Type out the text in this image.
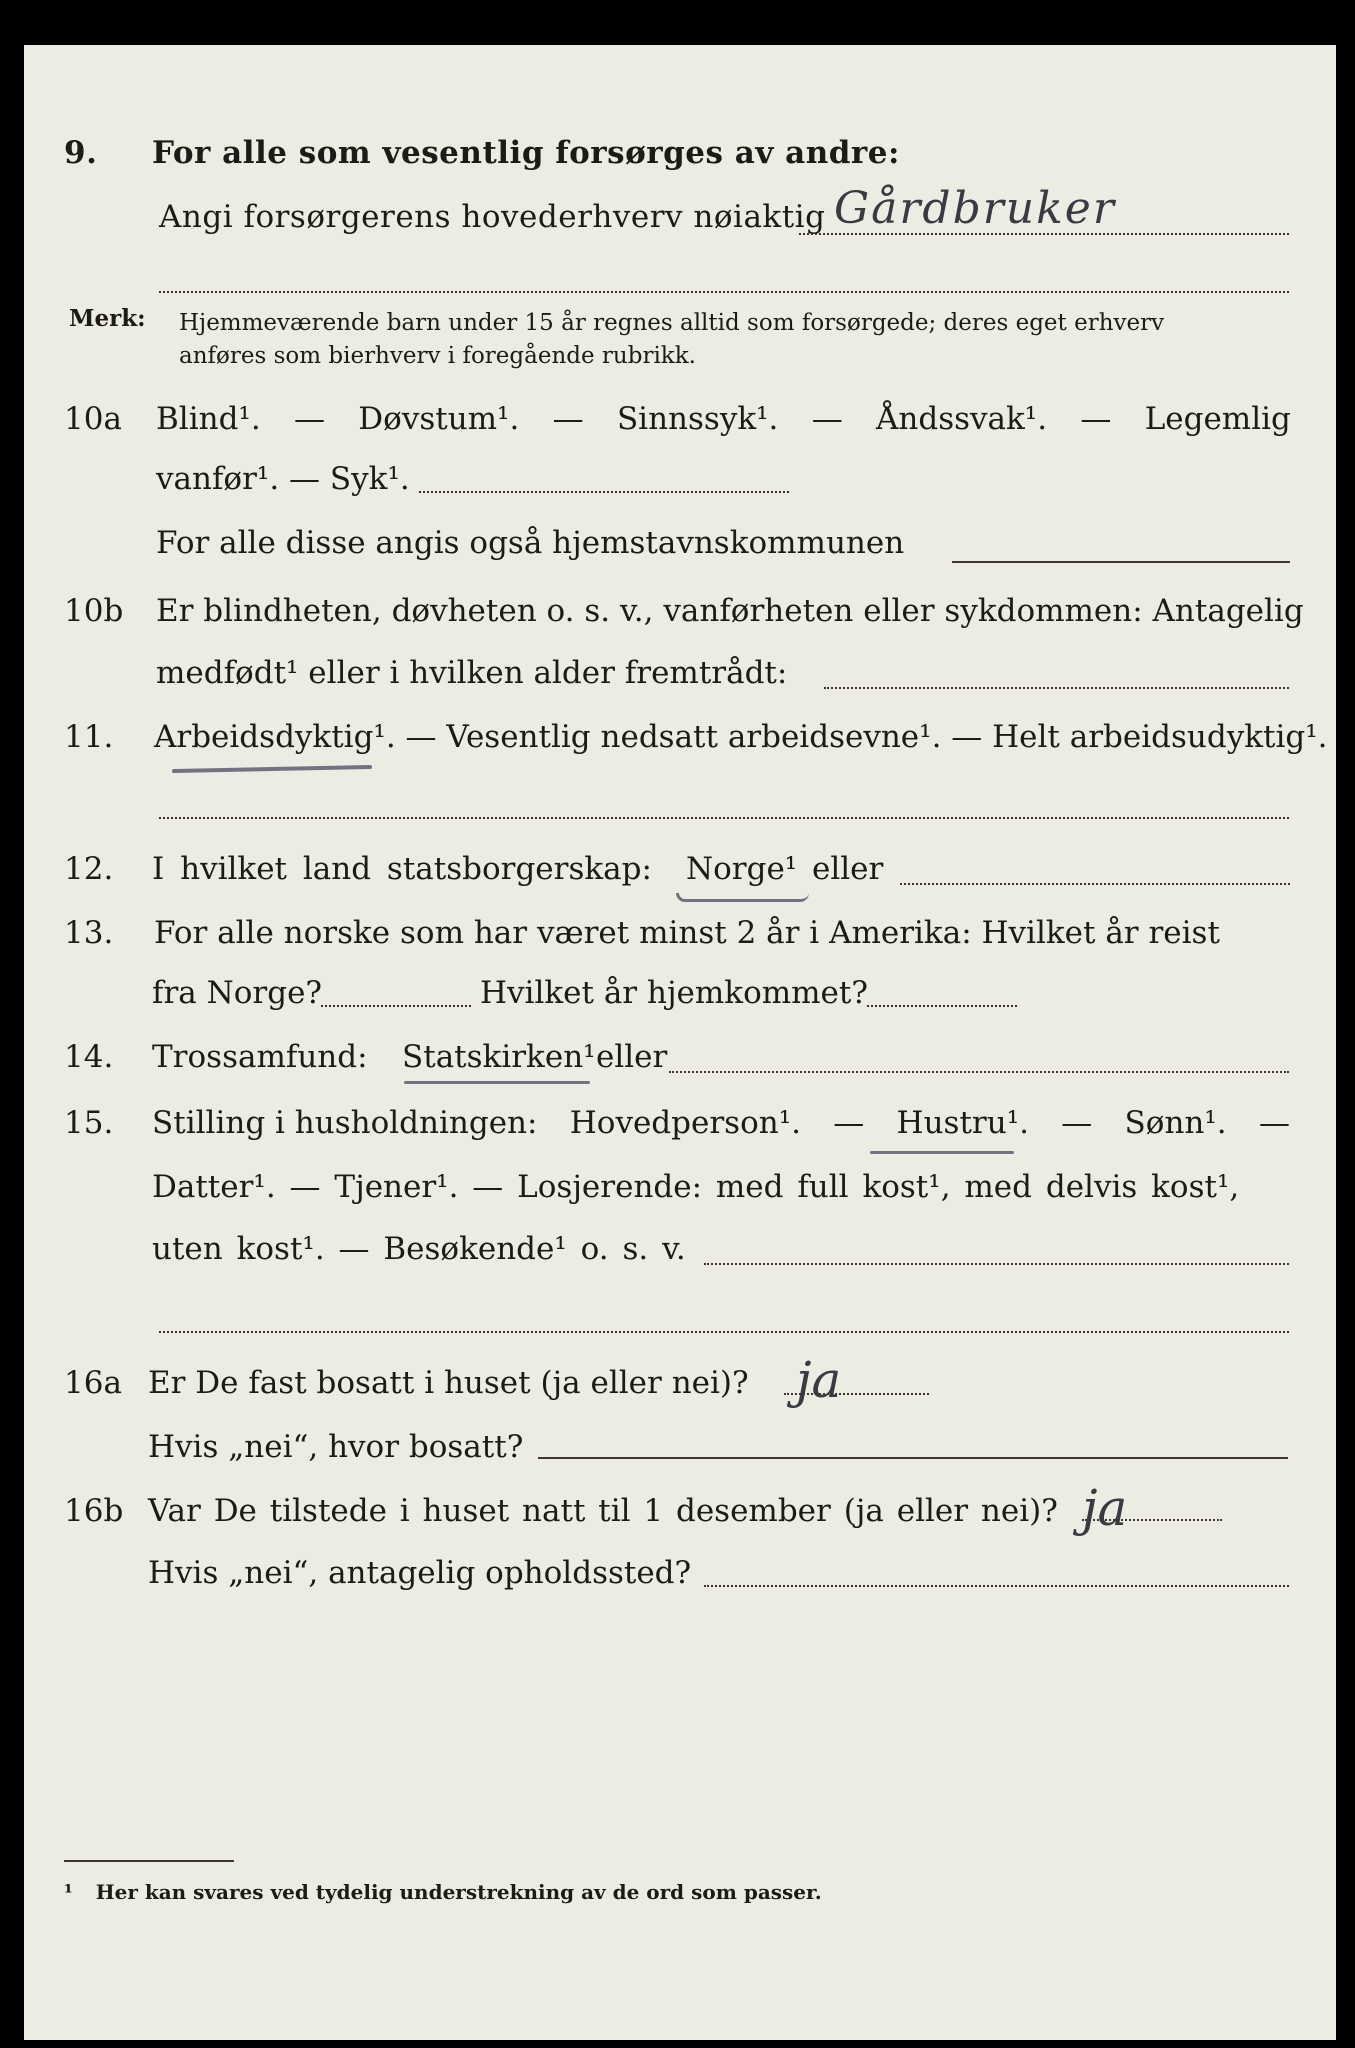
9. For alle som vesentlig forsørges av andre:
Angi forsørgerens hovederhverv nøiaktig Gårdbruker
Merk: Hjemmeværende barn under 15 år regnes alltid som forsørgede; deres eget erhverv
anføres som bierhverv i foregående rubrikk.
10a Blind¹. — Døvstum¹. — Sinnssyk¹. — Åndssvak¹. — Legemlig
vanfør¹. — Syk¹.
For alle disse angis også hjemstavnskommunen
10b Er blindheten, døvheten o. s. v., vanførheten eller sykdommen: Antagelig
medfødt¹ eller i hvilken alder fremtrådt:
11. Arbeidsdyktig¹. — Vesentlig nedsatt arbeidsevne¹. — Helt arbeidsudyktig¹.
12. I hvilket land statsborgerskap: Norge¹ eller
13. For alle norske som har været minst 2 år i Amerika: Hvilket år reist
fra Norge?	Hvilket år hjemkommet?
14. Trossamfund: Statskirken¹ eller
15. Stilling i husholdningen: Hovedperson¹. — Hustru¹. — Sønn¹. —
Datter¹. — Tjener¹. — Losjerende: med full kost¹, med delvis kost¹,
uten kost¹. — Besøkende¹ o. s. v.
16a Er De fast bosatt i huset (ja eller nei)? ja
Hvis „nei“, hvor bosatt?
16b Var De tilstede i huset natt til 1 desember (ja eller nei)? ja
Hvis „nei“, antagelig opholdssted?
¹ Her kan svares ved tydelig understrekning av de ord som passer.
